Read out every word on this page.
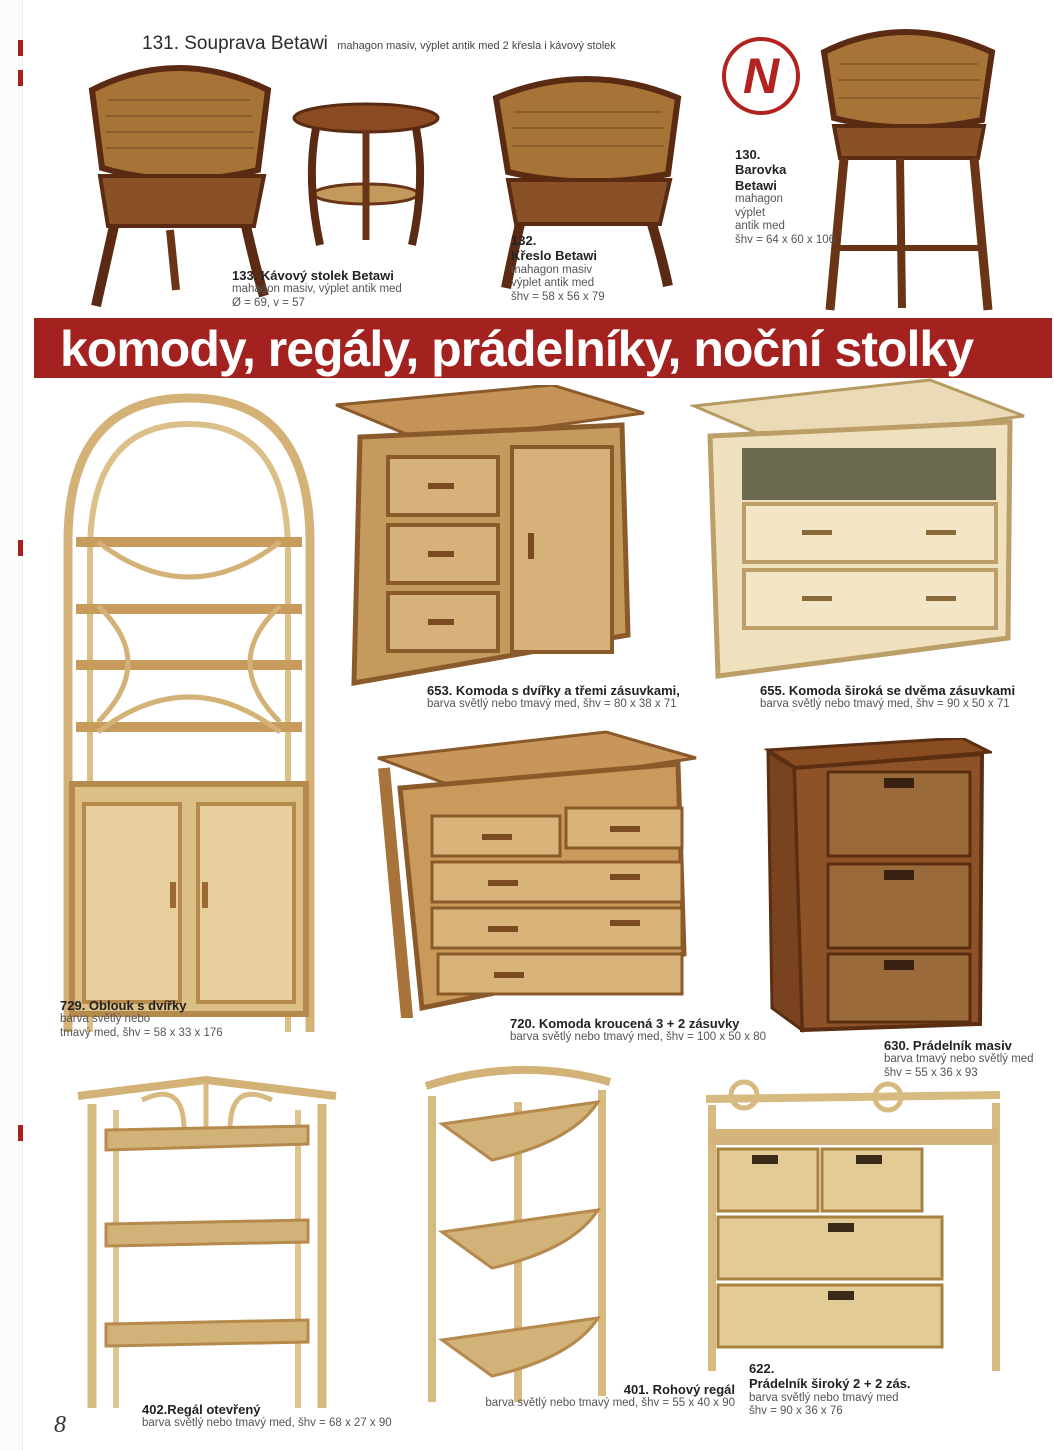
131. Souprava Betawi mahagon masiv, výplet antik med 2 křesla i kávový stolek
N
133. Kávový stolek Betawi
mahagon masiv, výplet antik med
Ø = 69, v = 57
132.
Křeslo Betawi
mahagon masiv
výplet antik med
šhv = 58 x 56 x 79
130.
Barovka
Betawi
mahagon
výplet
antik med
šhv = 64 x 60 x 106
komody, regály, prádelníky, noční stolky
653. Komoda s dvířky a třemi zásuvkami,
barva světlý nebo tmavý med, šhv = 80 x 38 x 71
655. Komoda široká se dvěma zásuvkami
barva světlý nebo tmavý med, šhv = 90 x 50 x 71
729. Oblouk s dvířky
barva světlý nebo
tmavý med, šhv = 58 x 33 x 176
720. Komoda kroucená 3 + 2 zásuvky
barva světlý nebo tmavý med, šhv = 100 x 50 x 80
630. Prádelník masiv
barva tmavý nebo světlý med
šhv = 55 x 36 x 93
402.Regál otevřený
barva světlý nebo tmavý med, šhv = 68 x 27 x 90
401. Rohový regál
barva světlý nebo tmavý med, šhv = 55 x 40 x 90
622.
Prádelník široký 2 + 2 zás.
barva světlý nebo tmavý med
šhv = 90 x 36 x 76
8
